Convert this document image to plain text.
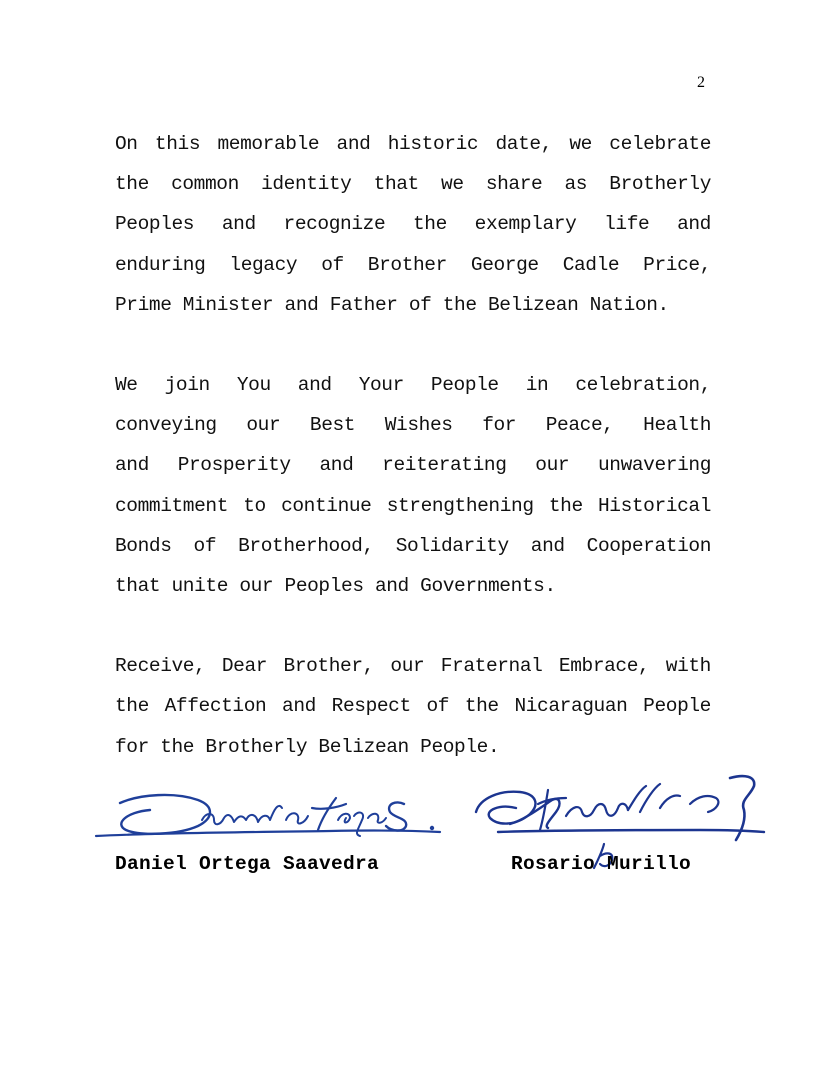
2

On this memorable and historic date, we celebrate
the common identity that we share as Brotherly
Peoples and recognize the exemplary life and
enduring legacy of Brother George Cadle Price,
Prime Minister and Father of the Belizean Nation.

We join You and Your People in celebration,
conveying our Best Wishes for Peace, Health
and Prosperity and reiterating our unwavering
commitment to continue strengthening the Historical
Bonds of Brotherhood, Solidarity and Cooperation
that unite our Peoples and Governments.

Receive, Dear Brother, our Fraternal Embrace, with
the Affection and Respect of the Nicaraguan People
for the Brotherly Belizean People.

Daniel Ortega Saavedra	Rosario Murillo
